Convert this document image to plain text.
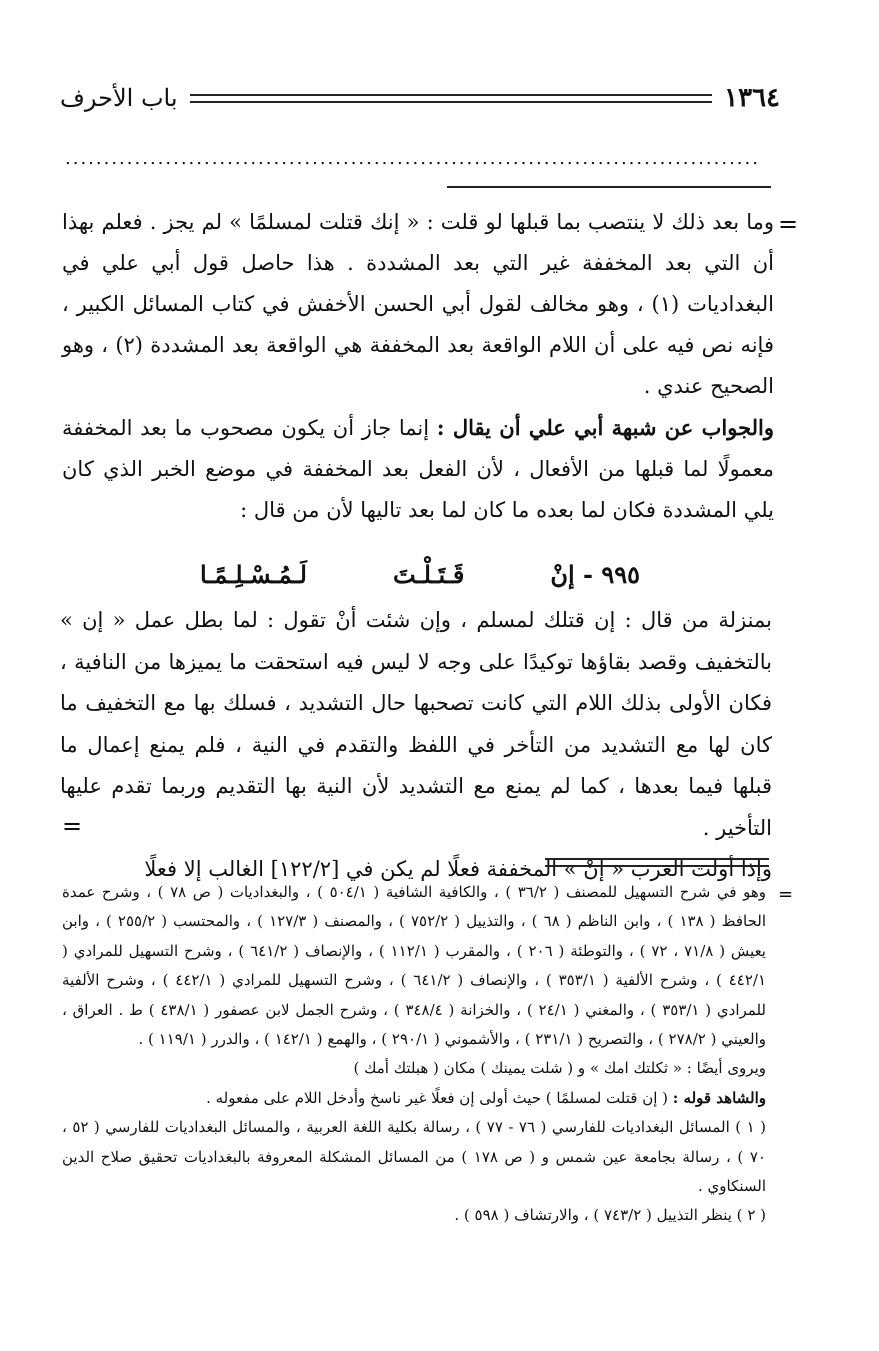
باب الأحرف	١٣٦٤
..........................................................................................
=

وما بعد ذلك لا ينتصب بما قبلها لو قلت : « إنك قتلت لمسلمًا » لم يجز . فعلم بهذا أن التي بعد المخففة غير التي بعد المشددة . هذا حاصل قول أبي علي في البغداديات (١) ، وهو مخالف لقول أبي الحسن الأخفش في كتاب المسائل الكبير ، فإنه نص فيه على أن اللام الواقعة بعد المخففة هي الواقعة بعد المشددة (٢) ، وهو الصحيح عندي .

والجواب عن شبهة أبي علي أن يقال : إنما جاز أن يكون مصحوب ما بعد المخففة معمولًا لما قبلها من الأفعال ، لأن الفعل بعد المخففة في موضع الخبر الذي كان يلي المشددة فكان لما بعده ما كان لما بعد تاليها لأن من قال :

٩٩٥ - إنْ
قَـتَـلْـتَ
لَـمُـسْـلِـمًـا

بمنزلة من قال : إن قتلك لمسلم ، وإن شئت أنْ تقول : لما بطل عمل « إن » بالتخفيف وقصد بقاؤها توكيدًا على وجه لا ليس فيه استحقت ما يميزها من النافية ، فكان الأولى بذلك اللام التي كانت تصحبها حال التشديد ، فسلك بها مع التخفيف ما كان لها مع التشديد من التأخر في اللفظ والتقدم في النية ، فلم يمنع إعمال ما قبلها فيما بعدها ، كما لم يمنع مع التشديد لأن النية بها التقديم وربما تقدم عليها التأخير .

وإذا أولت العرب « إنْ » المخففة فعلًا لم يكن في [١٢٢/٢] الغالب إلا فعلًا

=
=

وهو في شرح التسهيل للمصنف ( ٣٦/٢ ) ، والكافية الشافية ( ٥٠٤/١ ) ، والبغداديات ( ص ٧٨ ) ، وشرح عمدة الحافظ ( ١٣٨ ) ، وابن الناظم ( ٦٨ ) ، والتذييل ( ٧٥٢/٢ ) ، والمصنف ( ١٢٧/٣ ) ، والمحتسب ( ٢٥٥/٢ ) ، وابن يعيش ( ٧١/٨ ، ٧٢ ) ، والتوطئة ( ٢٠٦ ) ، والمقرب ( ١١٢/١ ) ، والإنصاف ( ٦٤١/٢ ) ، وشرح التسهيل للمرادي ( ٤٤٢/١ ) ، وشرح الألفية ( ٣٥٣/١ ) ، والإنصاف ( ٦٤١/٢ ) ، وشرح التسهيل للمرادي ( ٤٤٢/١ ) ، وشرح الألفية للمرادي ( ٣٥٣/١ ) ، والمغني ( ٢٤/١ ) ، والخزانة ( ٣٤٨/٤ ) ، وشرح الجمل لابن عصفور ( ٤٣٨/١ ) ط . العراق ، والعيني ( ٢٧٨/٢ ) ، والتصريح ( ٢٣١/١ ) ، والأشموني ( ٢٩٠/١ ) ، والهمع ( ١٤٢/١ ) ، والدرر ( ١١٩/١ ) .

ويروى أيضًا : « ثكلتك امك » و ( شلت يمينك ) مكان ( هبلتك أمك )

والشاهد قوله : ( إن قتلت لمسلمًا ) حيث أولى إن فعلًا غير ناسخ وأدخل اللام على مفعوله .

( ١ ) المسائل البغداديات للفارسي ( ٧٦ - ٧٧ ) ، رسالة بكلية اللغة العربية ، والمسائل البغداديات للفارسي ( ٥٢ ، ٧٠ ) ، رسالة بجامعة عين شمس و ( ص ١٧٨ ) من المسائل المشكلة المعروفة بالبغداديات تحقيق صلاح الدين السنكاوي .

( ٢ ) ينظر التذييل ( ٧٤٣/٢ ) ، والارتشاف ( ٥٩٨ ) .
